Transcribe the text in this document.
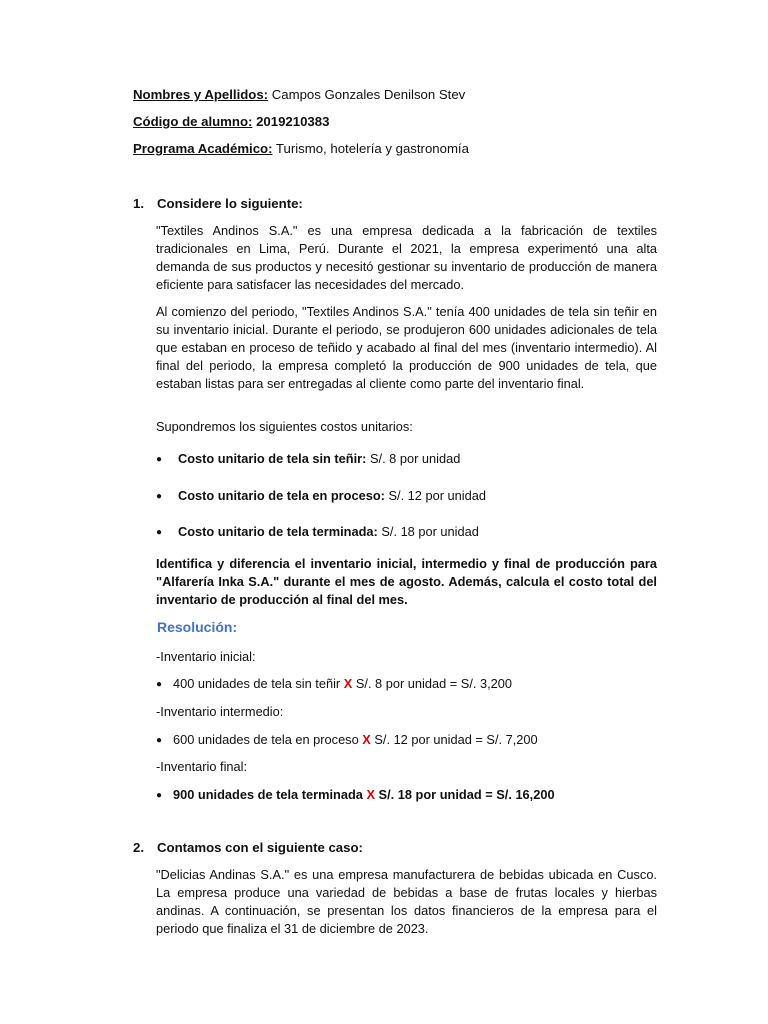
Nombres y Apellidos: Campos Gonzales Denilson Stev
Código de alumno: 2019210383
Programa Académico: Turismo, hotelería y gastronomía
1. Considere lo siguiente:
"Textiles Andinos S.A." es una empresa dedicada a la fabricación de textiles tradicionales en Lima, Perú. Durante el 2021, la empresa experimentó una alta demanda de sus productos y necesitó gestionar su inventario de producción de manera eficiente para satisfacer las necesidades del mercado.
Al comienzo del periodo, "Textiles Andinos S.A." tenía 400 unidades de tela sin teñir en su inventario inicial. Durante el periodo, se produjeron 600 unidades adicionales de tela que estaban en proceso de teñido y acabado al final del mes (inventario intermedio). Al final del periodo, la empresa completó la producción de 900 unidades de tela, que estaban listas para ser entregadas al cliente como parte del inventario final.
Supondremos los siguientes costos unitarios:
● Costo unitario de tela sin teñir: S/. 8 por unidad
● Costo unitario de tela en proceso: S/. 12 por unidad
● Costo unitario de tela terminada: S/. 18 por unidad
Identifica y diferencia el inventario inicial, intermedio y final de producción para "Alfarería Inka S.A." durante el mes de agosto. Además, calcula el costo total del inventario de producción al final del mes.
Resolución:
-Inventario inicial:
● 400 unidades de tela sin teñir X S/. 8 por unidad = S/. 3,200
-Inventario intermedio:
● 600 unidades de tela en proceso X S/. 12 por unidad = S/. 7,200
-Inventario final:
● 900 unidades de tela terminada X S/. 18 por unidad = S/. 16,200
2. Contamos con el siguiente caso:
"Delicias Andinas S.A." es una empresa manufacturera de bebidas ubicada en Cusco. La empresa produce una variedad de bebidas a base de frutas locales y hierbas andinas. A continuación, se presentan los datos financieros de la empresa para el periodo que finaliza el 31 de diciembre de 2023.
